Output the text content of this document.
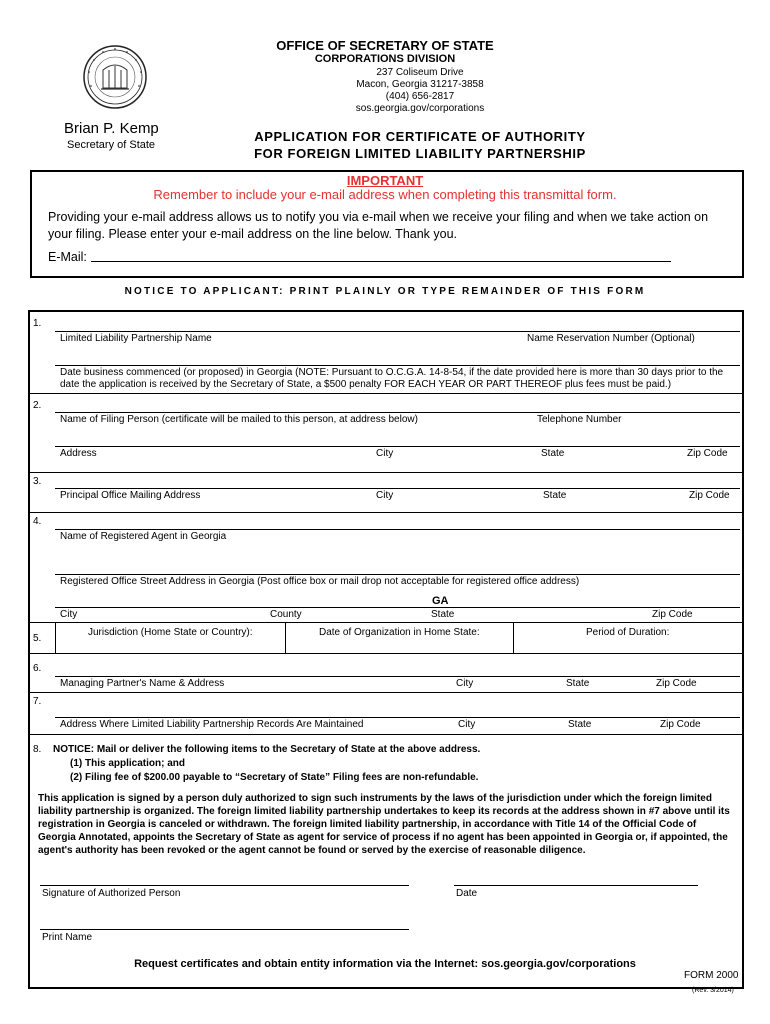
OFFICE OF SECRETARY OF STATE
CORPORATIONS DIVISION
237 Coliseum Drive
Macon, Georgia 31217-3858
(404) 656-2817
sos.georgia.gov/corporations
Brian P. Kemp
Secretary of State
APPLICATION FOR CERTIFICATE OF AUTHORITY
FOR FOREIGN LIMITED LIABILITY PARTNERSHIP
IMPORTANT
Remember to include your e-mail address when completing this transmittal form.
Providing your e-mail address allows us to notify you via e-mail when we receive your filing and when we take action on your filing. Please enter your e-mail address on the line below. Thank you.
E-Mail:
NOTICE TO APPLICANT: PRINT PLAINLY OR TYPE REMAINDER OF THIS FORM
1.
Limited Liability Partnership Name	Name Reservation Number (Optional)
Date business commenced (or proposed) in Georgia (NOTE: Pursuant to O.C.G.A. 14-8-54, if the date provided here is more than 30 days prior to the
date the application is received by the Secretary of State, a $500 penalty FOR EACH YEAR OR PART THEREOF plus fees must be paid.)
2.
Name of Filing Person (certificate will be mailed to this person, at address below)	Telephone Number
Address	City	State	Zip Code
3.
Principal Office Mailing Address	City	State	Zip Code
4.
Name of Registered Agent in Georgia
Registered Office Street Address in Georgia (Post office box or mail drop not acceptable for registered office address)
GA
City	County	State	Zip Code
5.
Jurisdiction (Home State or Country):	Date of Organization in Home State:	Period of Duration:
6.
Managing Partner's Name & Address	City	State	Zip Code
7.
Address Where Limited Liability Partnership Records Are Maintained	City	State	Zip Code
8. NOTICE: Mail or deliver the following items to the Secretary of State at the above address.
(1) This application; and
(2) Filing fee of $200.00 payable to “Secretary of State” Filing fees are non-refundable.
This application is signed by a person duly authorized to sign such instruments by the laws of the jurisdiction under which the foreign limited liability partnership is organized. The foreign limited liability partnership undertakes to keep its records at the address shown in #7 above until its registration in Georgia is canceled or withdrawn. The foreign limited liability partnership, in accordance with Title 14 of the Official Code of Georgia Annotated, appoints the Secretary of State as agent for service of process if no agent has been appointed in Georgia or, if appointed, the agent's authority has been revoked or the agent cannot be found or served by the exercise of reasonable diligence.
Signature of Authorized Person	Date
Print Name
Request certificates and obtain entity information via the Internet: sos.georgia.gov/corporations
FORM 2000
(Rev. 3/2014)
